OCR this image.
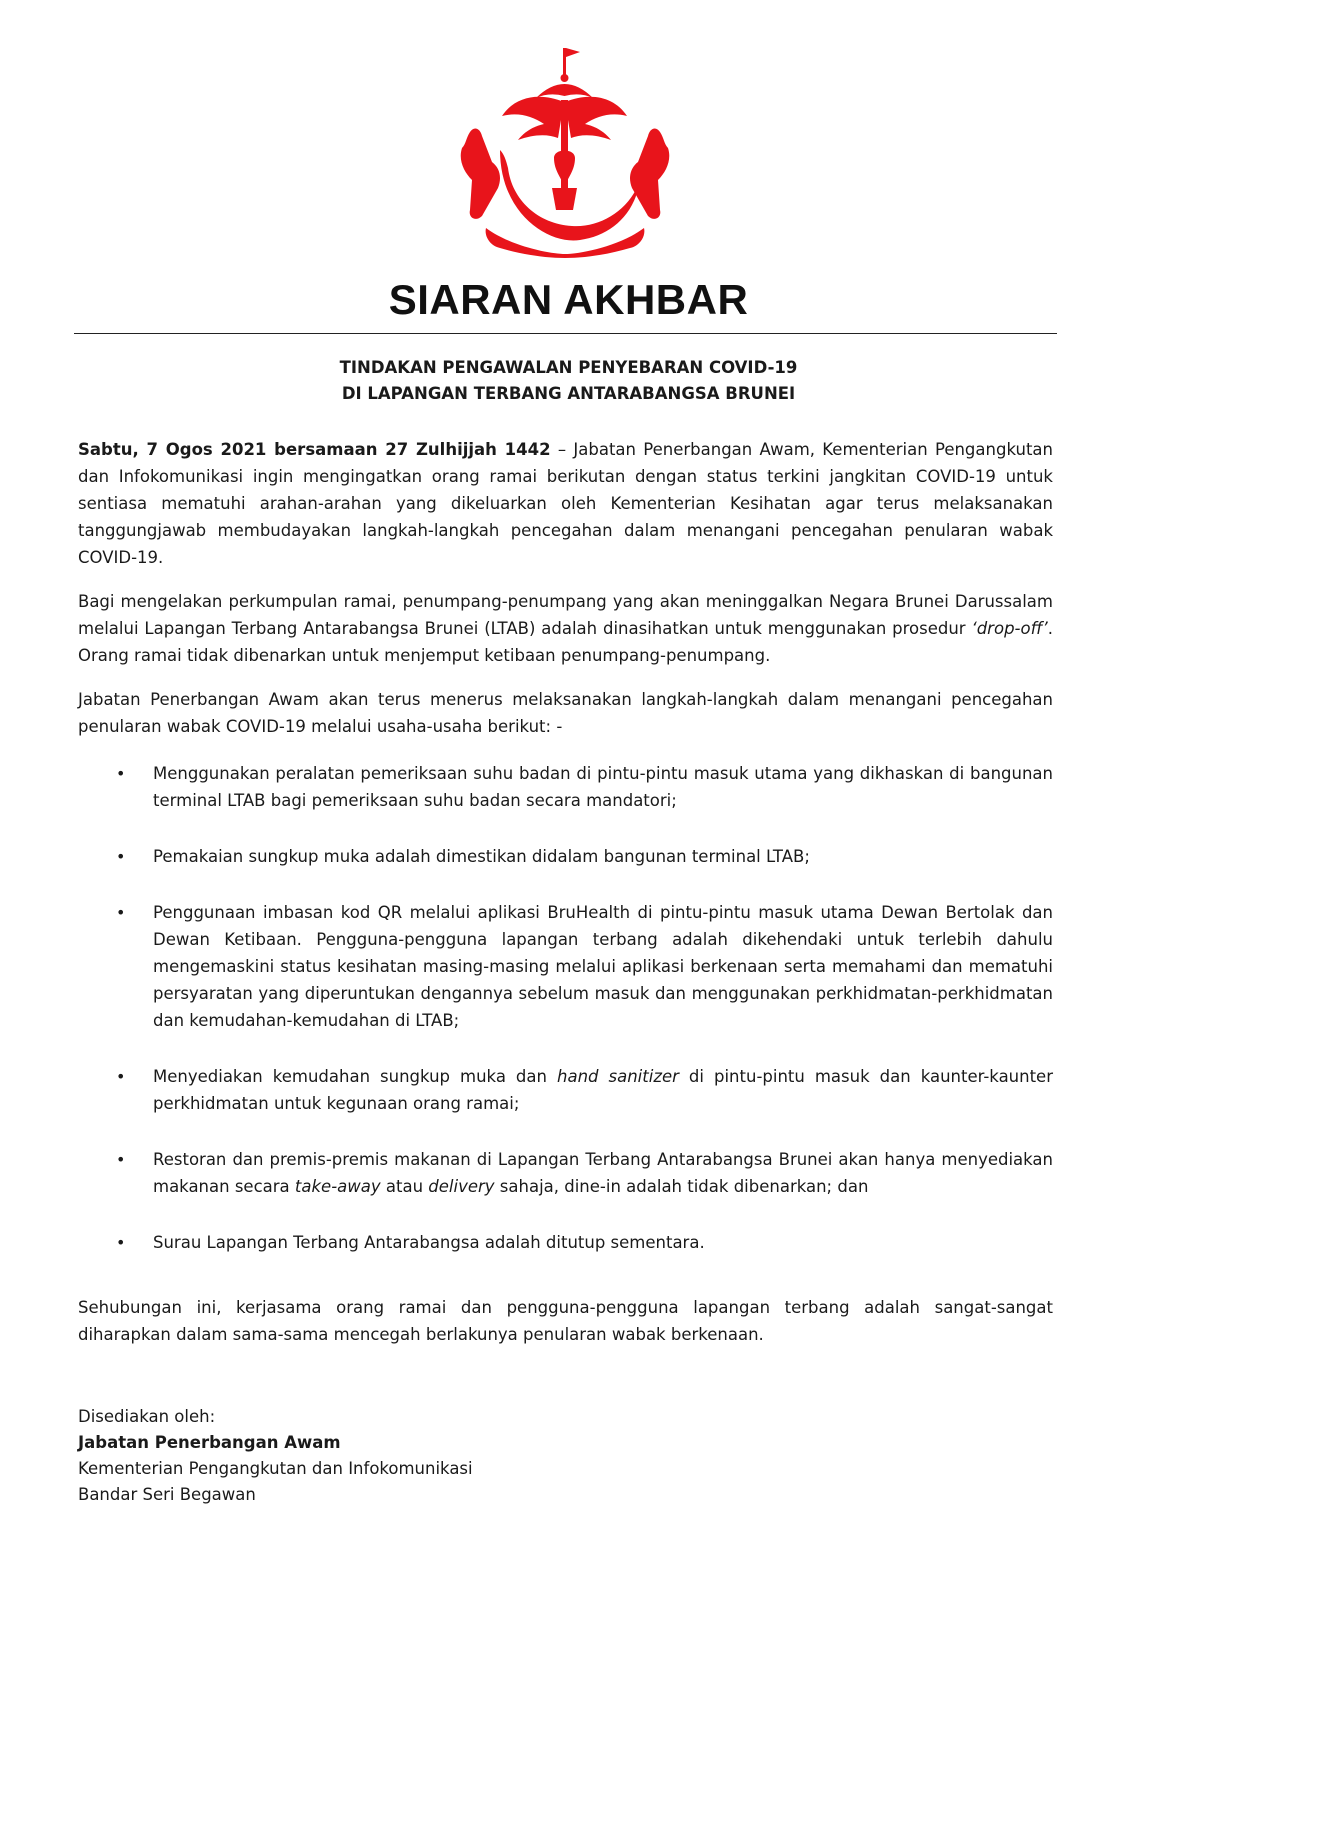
SIARAN AKHBAR
TINDAKAN PENGAWALAN PENYEBARAN COVID-19
DI LAPANGAN TERBANG ANTARABANGSA BRUNEI

Sabtu, 7 Ogos 2021 bersamaan 27 Zulhijjah 1442 – Jabatan Penerbangan Awam, Kementerian Pengangkutan dan Infokomunikasi ingin mengingatkan orang ramai berikutan dengan status terkini jangkitan COVID-19 untuk sentiasa mematuhi arahan-arahan yang dikeluarkan oleh Kementerian Kesihatan agar terus melaksanakan tanggungjawab membudayakan langkah-langkah pencegahan dalam menangani pencegahan penularan wabak COVID-19.

Bagi mengelakan perkumpulan ramai, penumpang-penumpang yang akan meninggalkan Negara Brunei Darussalam melalui Lapangan Terbang Antarabangsa Brunei (LTAB) adalah dinasihatkan untuk menggunakan prosedur ‘drop-off’. Orang ramai tidak dibenarkan untuk menjemput ketibaan penumpang-penumpang.

Jabatan Penerbangan Awam akan terus menerus melaksanakan langkah-langkah dalam menangani pencegahan penularan wabak COVID-19 melalui usaha-usaha berikut: -

• Menggunakan peralatan pemeriksaan suhu badan di pintu-pintu masuk utama yang dikhaskan di bangunan terminal LTAB bagi pemeriksaan suhu badan secara mandatori;
• Pemakaian sungkup muka adalah dimestikan didalam bangunan terminal LTAB;
• Penggunaan imbasan kod QR melalui aplikasi BruHealth di pintu-pintu masuk utama Dewan Bertolak dan Dewan Ketibaan. Pengguna-pengguna lapangan terbang adalah dikehendaki untuk terlebih dahulu mengemaskini status kesihatan masing-masing melalui aplikasi berkenaan serta memahami dan mematuhi persyaratan yang diperuntukan dengannya sebelum masuk dan menggunakan perkhidmatan-perkhidmatan dan kemudahan-kemudahan di LTAB;
• Menyediakan kemudahan sungkup muka dan hand sanitizer di pintu-pintu masuk dan kaunter-kaunter perkhidmatan untuk kegunaan orang ramai;
• Restoran dan premis-premis makanan di Lapangan Terbang Antarabangsa Brunei akan hanya menyediakan makanan secara take-away atau delivery sahaja, dine-in adalah tidak dibenarkan; dan
• Surau Lapangan Terbang Antarabangsa adalah ditutup sementara.

Sehubungan ini, kerjasama orang ramai dan pengguna-pengguna lapangan terbang adalah sangat-sangat diharapkan dalam sama-sama mencegah berlakunya penularan wabak berkenaan.

Disediakan oleh:
Jabatan Penerbangan Awam
Kementerian Pengangkutan dan Infokomunikasi
Bandar Seri Begawan
